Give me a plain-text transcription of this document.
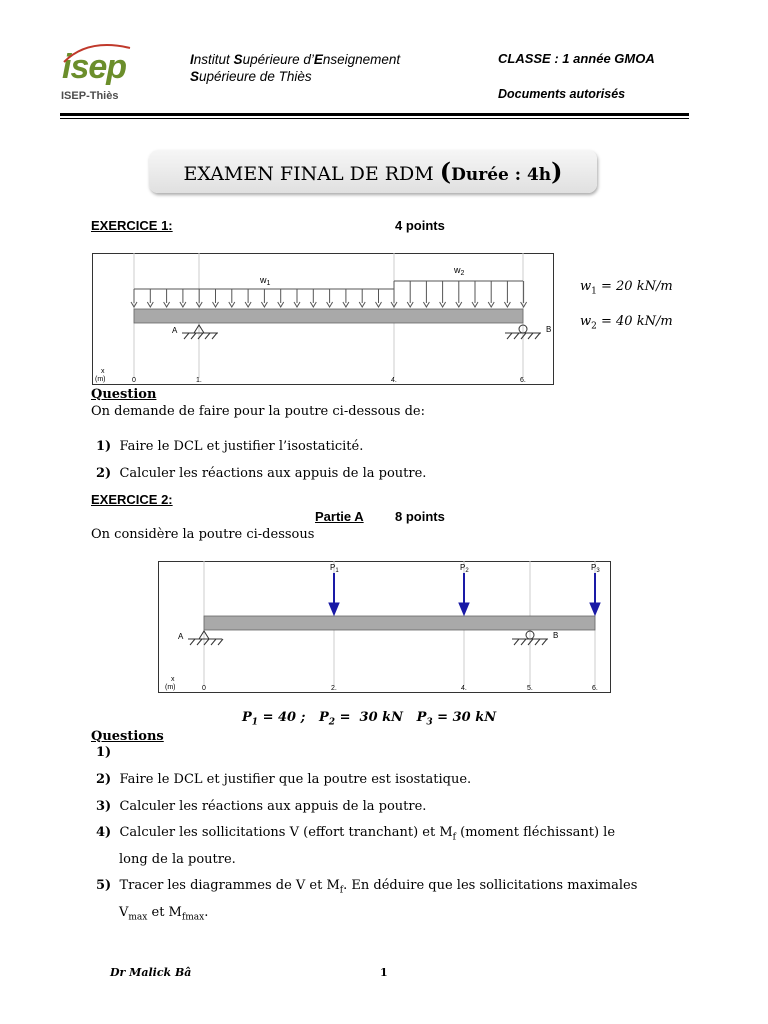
isep
ISEP-Thiès
Institut Supérieure d’Enseignement
Supérieure de Thiès
CLASSE : 1 année GMOA
Documents autorisés
EXAMEN FINAL DE RDM (Durée : 4h)
EXERCICE 1:	4 points
$w_1$
$w_2$
A	B
x
(m)	0	1.	4.	6.
$w_1 = 20$ kN/m
$w_2 = 40$ kN/m
Question
On demande de faire pour la poutre ci-dessous de:
1) Faire le DCL et justifier l’isostaticité.
2) Calculer les réactions aux appuis de la poutre.
EXERCICE 2:
Partie A 8 points
On considère la poutre ci-dessous
$P_1$	$P_2$	$P_3$
A	B
x
(m)	0	2.	4.	5.	6.
$P_1 = 40$ ; $P_2 = 30$ kN $P_3 = 30$ kN
Questions
1)
2) Faire le DCL et justifier que la poutre est isostatique.
3) Calculer les réactions aux appuis de la poutre.
4) Calculer les sollicitations V (effort tranchant) et $M_f$ (moment fléchissant) le
long de la poutre.
5) Tracer les diagrammes de V et $M_f$. En déduire que les sollicitations maximales
$V_{max}$ et $M_{fmax}$.
Dr Malick Bâ	1
